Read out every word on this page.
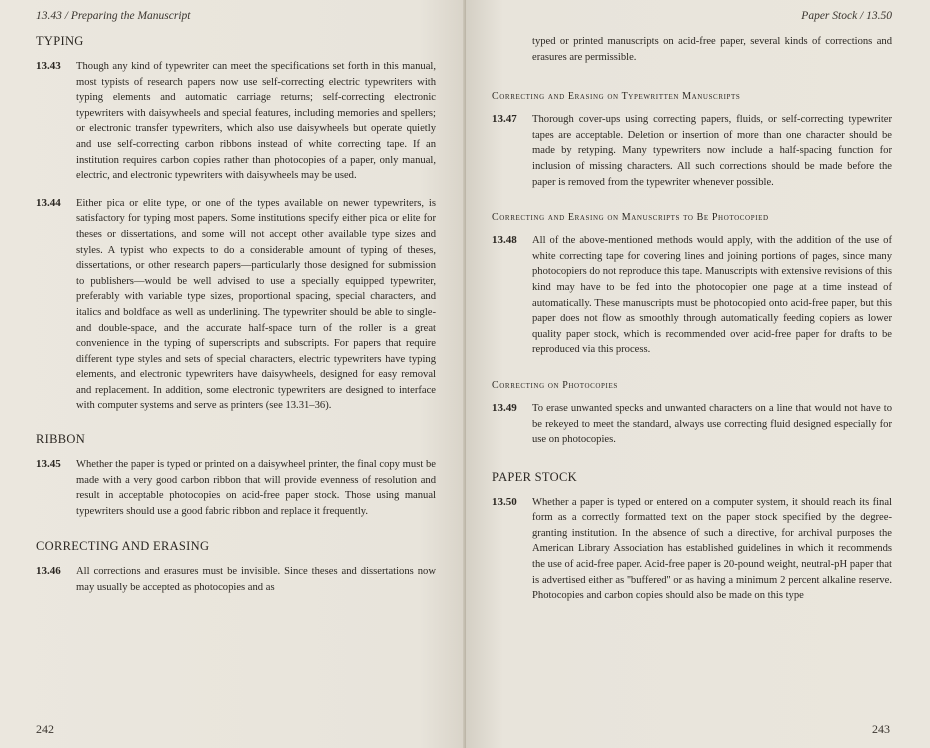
13.43 / Preparing the Manuscript
TYPING
13.43	Though any kind of typewriter can meet the specifications set forth in this manual, most typists of research papers now use self-correcting electric typewriters with typing elements and automatic carriage returns; self-correcting electronic typewriters with daisywheels and special features, including memories and spellers; or electronic transfer typewriters, which also use daisywheels but operate quietly and use self-correcting carbon ribbons instead of white correcting tape. If an institution requires carbon copies rather than photocopies of a paper, only manual, electric, and electronic typewriters with daisywheels may be used.
13.44	Either pica or elite type, or one of the types available on newer typewriters, is satisfactory for typing most papers. Some institutions specify either pica or elite for theses or dissertations, and some will not accept other available type sizes and styles. A typist who expects to do a considerable amount of typing of theses, dissertations, or other research papers—particularly those designed for submission to publishers—would be well advised to use a specially equipped typewriter, preferably with variable type sizes, proportional spacing, special characters, and italics and boldface as well as underlining. The typewriter should be able to single- and double-space, and the accurate half-space turn of the roller is a great convenience in the typing of superscripts and subscripts. For papers that require different type styles and sets of special characters, electric typewriters have typing elements, and electronic typewriters have daisywheels, designed for easy removal and replacement. In addition, some electronic typewriters are designed to interface with computer systems and serve as printers (see 13.31–36).
RIBBON
13.45	Whether the paper is typed or printed on a daisywheel printer, the final copy must be made with a very good carbon ribbon that will provide evenness of resolution and result in acceptable photocopies on acid-free paper stock. Those using manual typewriters should use a good fabric ribbon and replace it frequently.
CORRECTING AND ERASING
13.46	All corrections and erasures must be invisible. Since theses and dissertations now may usually be accepted as photocopies and as
242
Paper Stock / 13.50
typed or printed manuscripts on acid-free paper, several kinds of corrections and erasures are permissible.
Correcting and Erasing on Typewritten Manuscripts
13.47	Thorough cover-ups using correcting papers, fluids, or self-correcting typewriter tapes are acceptable. Deletion or insertion of more than one character should be made by retyping. Many typewriters now include a half-spacing function for inclusion of missing characters. All such corrections should be made before the paper is removed from the typewriter whenever possible.
Correcting and Erasing on Manuscripts to Be Photocopied
13.48	All of the above-mentioned methods would apply, with the addition of the use of white correcting tape for covering lines and joining portions of pages, since many photocopiers do not reproduce this tape. Manuscripts with extensive revisions of this kind may have to be fed into the photocopier one page at a time instead of automatically. These manuscripts must be photocopied onto acid-free paper, but this paper does not flow as smoothly through automatically feeding copiers as lower quality paper stock, which is recommended over acid-free paper for drafts to be reproduced via this process.
Correcting on Photocopies
13.49	To erase unwanted specks and unwanted characters on a line that would not have to be rekeyed to meet the standard, always use correcting fluid designed especially for use on photocopies.
PAPER STOCK
13.50	Whether a paper is typed or entered on a computer system, it should reach its final form as a correctly formatted text on the paper stock specified by the degree-granting institution. In the absence of such a directive, for archival purposes the American Library Association has established guidelines in which it recommends the use of acid-free paper. Acid-free paper is 20-pound weight, neutral-pH paper that is advertised either as ''buffered'' or as having a minimum 2 percent alkaline reserve. Photocopies and carbon copies should also be made on this type
243
